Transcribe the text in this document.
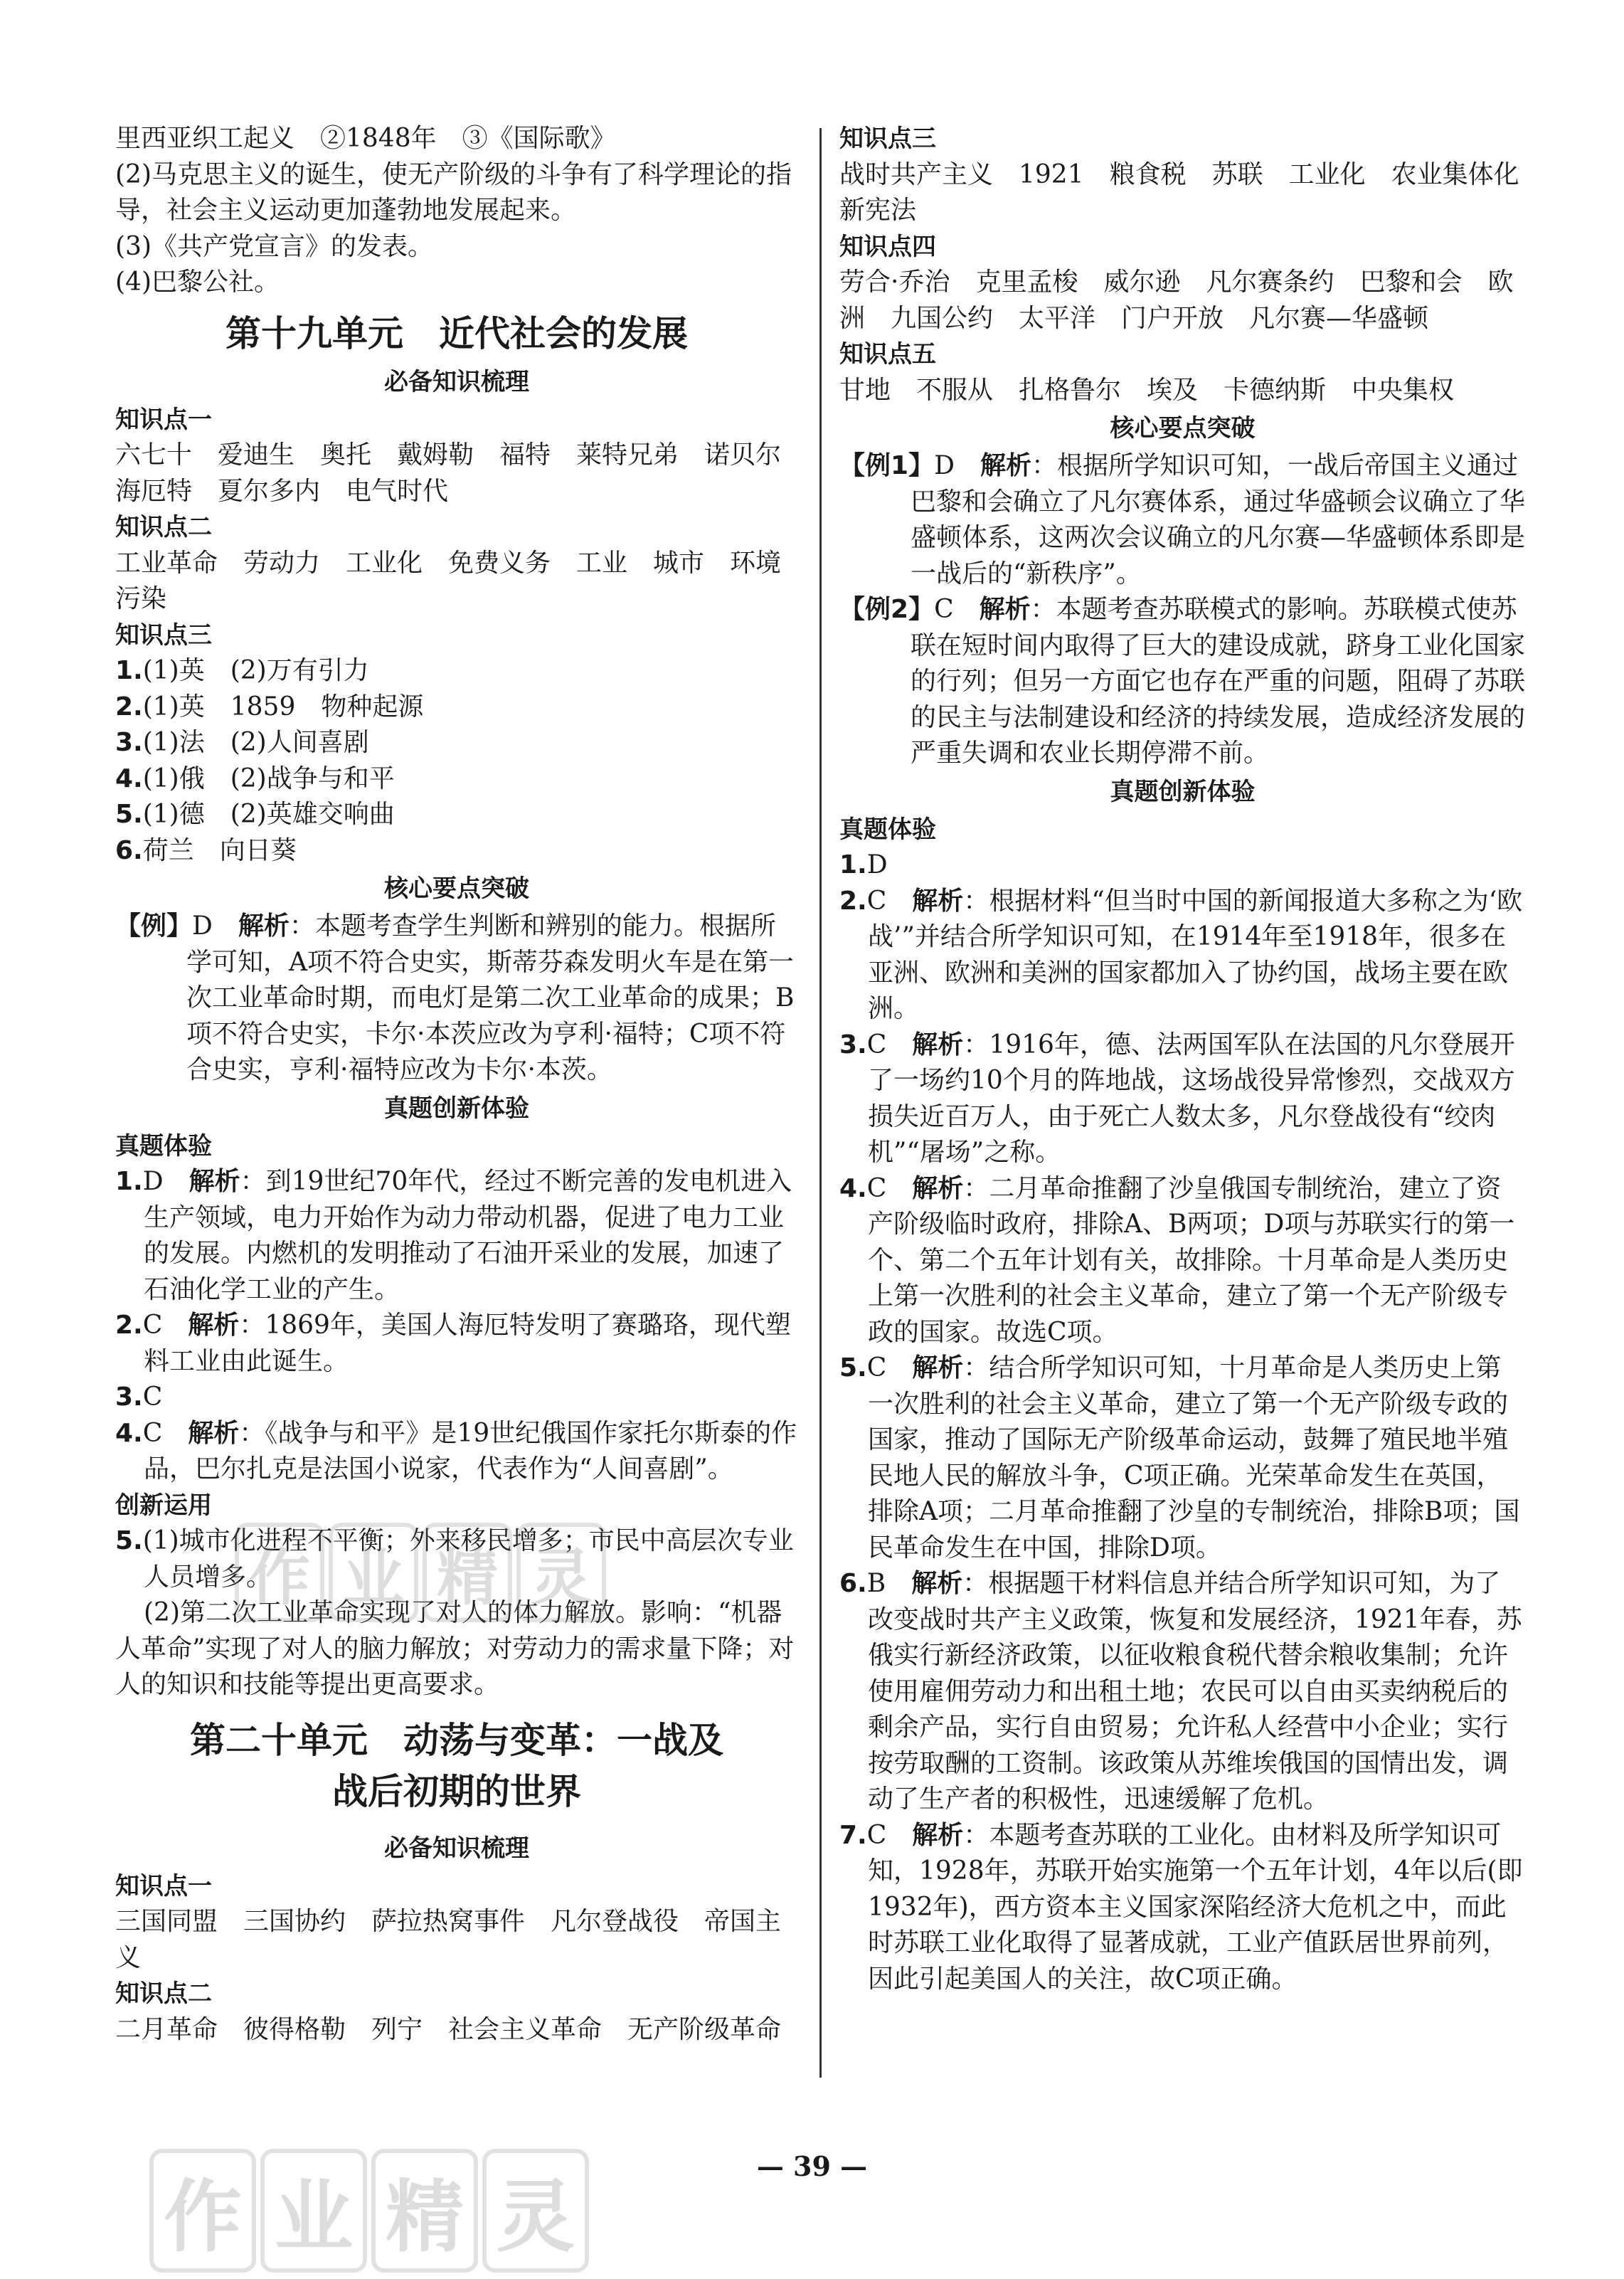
里西亚织工起义　②1848年　③《国际歌》

(2)马克思主义的诞生，使无产阶级的斗争有了科学理论的指导，社会主义运动更加蓬勃地发展起来。

(3)《共产党宣言》的发表。

(4)巴黎公社。

第十九单元　近代社会的发展
必备知识梳理
知识点一

六七十　爱迪生　奥托　戴姆勒　福特　莱特兄弟　诺贝尔　海厄特　夏尔多内　电气时代

知识点二

工业革命　劳动力　工业化　免费义务　工业　城市　环境污染

知识点三

1.(1)英　(2)万有引力

2.(1)英　1859　物种起源

3.(1)法　(2)人间喜剧

4.(1)俄　(2)战争与和平

5.(1)德　(2)英雄交响曲

6.荷兰　向日葵

核心要点突破

【例】D　 解析：本题考查学生判断和辨别的能力。根据所学可知，A项不符合史实，斯蒂芬森发明火车是在第一次工业革命时期，而电灯是第二次工业革命的成果；B项不符合史实，卡尔·本茨应改为亨利·福特；C项不符合史实，亨利·福特应改为卡尔·本茨。

真题创新体验
真题体验

1.D　 解析：到19世纪70年代，经过不断完善的发电机进入生产领域，电力开始作为动力带动机器，促进了电力工业的发展。内燃机的发明推动了石油开采业的发展，加速了石油化学工业的产生。

2.C　 解析：1869年，美国人海厄特发明了赛璐珞，现代塑料工业由此诞生。

3.C

4.C　 解析：《战争与和平》是19世纪俄国作家托尔斯泰的作品，巴尔扎克是法国小说家，代表作为“人间喜剧”。

创新运用

5.(1)城市化进程不平衡；外来移民增多；市民中高层次专业人员增多。

(2)第二次工业革命实现了对人的体力解放。影响：“机器人革命”实现了对人的脑力解放；对劳动力的需求量下降；对人的知识和技能等提出更高要求。

第二十单元　动荡与变革：一战及
战后初期的世界
必备知识梳理
知识点一

三国同盟　三国协约　萨拉热窝事件　凡尔登战役　帝国主义

知识点二

二月革命　彼得格勒　列宁　社会主义革命　无产阶级革命

知识点三

战时共产主义　1921　粮食税　苏联　工业化　农业集体化　新宪法

知识点四

劳合·乔治　克里孟梭　威尔逊　凡尔赛条约　巴黎和会　欧洲　九国公约　太平洋　门户开放　凡尔赛—华盛顿

知识点五

甘地　不服从　扎格鲁尔　埃及　卡德纳斯　中央集权

核心要点突破

【例1】D　 解析：根据所学知识可知，一战后帝国主义通过巴黎和会确立了凡尔赛体系，通过华盛顿会议确立了华盛顿体系，这两次会议确立的凡尔赛—华盛顿体系即是一战后的“新秩序”。

【例2】C　 解析：本题考查苏联模式的影响。苏联模式使苏联在短时间内取得了巨大的建设成就，跻身工业化国家的行列；但另一方面它也存在严重的问题，阻碍了苏联的民主与法制建设和经济的持续发展，造成经济发展的严重失调和农业长期停滞不前。

真题创新体验
真题体验

1.D

2.C　 解析：根据材料“但当时中国的新闻报道大多称之为‘欧战’”并结合所学知识可知，在1914年至1918年，很多在亚洲、欧洲和美洲的国家都加入了协约国，战场主要在欧洲。

3.C　 解析：1916年，德、法两国军队在法国的凡尔登展开了一场约10个月的阵地战，这场战役异常惨烈，交战双方损失近百万人，由于死亡人数太多，凡尔登战役有“绞肉机”“屠场”之称。

4.C　 解析：二月革命推翻了沙皇俄国专制统治，建立了资产阶级临时政府，排除A、B两项；D项与苏联实行的第一个、第二个五年计划有关，故排除。十月革命是人类历史上第一次胜利的社会主义革命，建立了第一个无产阶级专政的国家。故选C项。

5.C　 解析：结合所学知识可知，十月革命是人类历史上第一次胜利的社会主义革命，建立了第一个无产阶级专政的国家，推动了国际无产阶级革命运动，鼓舞了殖民地半殖民地人民的解放斗争，C项正确。光荣革命发生在英国，排除A项；二月革命推翻了沙皇的专制统治，排除B项；国民革命发生在中国，排除D项。

6.B　 解析：根据题干材料信息并结合所学知识可知，为了改变战时共产主义政策，恢复和发展经济，1921年春，苏俄实行新经济政策，以征收粮食税代替余粮收集制；允许使用雇佣劳动力和出租土地；农民可以自由买卖纳税后的剩余产品，实行自由贸易；允许私人经营中小企业；实行按劳取酬的工资制。该政策从苏维埃俄国的国情出发，调动了生产者的积极性，迅速缓解了危机。

7.C　 解析：本题考查苏联的工业化。由材料及所学知识可知，1928年，苏联开始实施第一个五年计划，4年以后(即1932年)，西方资本主义国家深陷经济大危机之中，而此时苏联工业化取得了显著成就，工业产值跃居世界前列，因此引起美国人的关注，故C项正确。

— 39 —
作 业 精 灵
作 业 精 灵
